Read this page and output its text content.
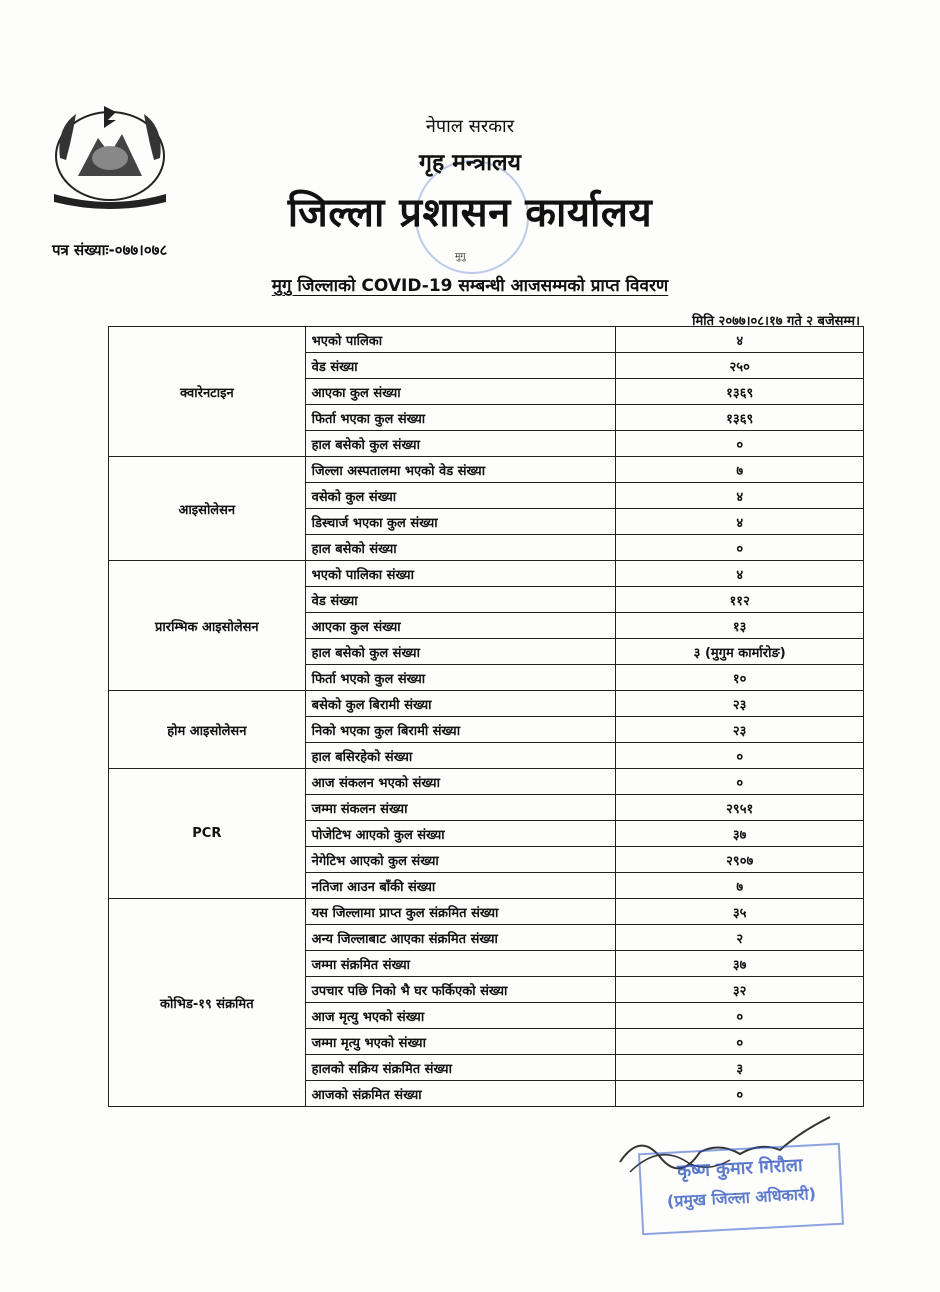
नेपाल सरकार
गृह मन्त्रालय
जिल्ला प्रशासन कार्यालय
पत्र संख्याः-०७७।०७८	मुगु
मुगु जिल्लाको COVID-19 सम्बन्धी आजसम्मको प्राप्त विवरण
मिति २०७७।०८।१७ गते २ बजेसम्म।
क्वारेनटाइन	भएको पालिका	४
	वेड संख्या	२५०
	आएका कुल संख्या	१३६९
	फिर्ता भएका कुल संख्या	१३६९
	हाल बसेको कुल संख्या	०
आइसोलेसन	जिल्ला अस्पतालमा भएको वेड संख्या	७
	वसेको कुल संख्या	४
	डिस्चार्ज भएका कुल संख्या	४
	हाल बसेको संख्या	०
प्रारम्भिक आइसोलेसन	भएको पालिका संख्या	४
	वेड संख्या	११२
	आएका कुल संख्या	१३
	हाल बसेको कुल संख्या	३ (मुगुम कार्मारोङ)
	फिर्ता भएको कुल संख्या	१०
होम आइसोलेसन	बसेको कुल बिरामी संख्या	२३
	निको भएका कुल बिरामी संख्या	२३
	हाल बसिरहेको संख्या	०
PCR	आज संकलन भएको संख्या	०
	जम्मा संकलन संख्या	२९५१
	पोजेटिभ आएको कुल संख्या	३७
	नेगेटिभ आएको कुल संख्या	२९०७
	नतिजा आउन बाँकी संख्या	७
कोभिड-१९ संक्रमित	यस जिल्लामा प्राप्त कुल संक्रमित संख्या	३५
	अन्य जिल्लाबाट आएका संक्रमित संख्या	२
	जम्मा संक्रमित संख्या	३७
	उपचार पछि निको भै घर फर्किएको संख्या	३२
	आज मृत्यु भएको संख्या	०
	जम्मा मृत्यु भएको संख्या	०
	हालको सक्रिय संक्रमित संख्या	३
	आजको संक्रमित संख्या	०
कृष्ण कुमार गिरौला
(प्रमुख जिल्ला अधिकारी)
